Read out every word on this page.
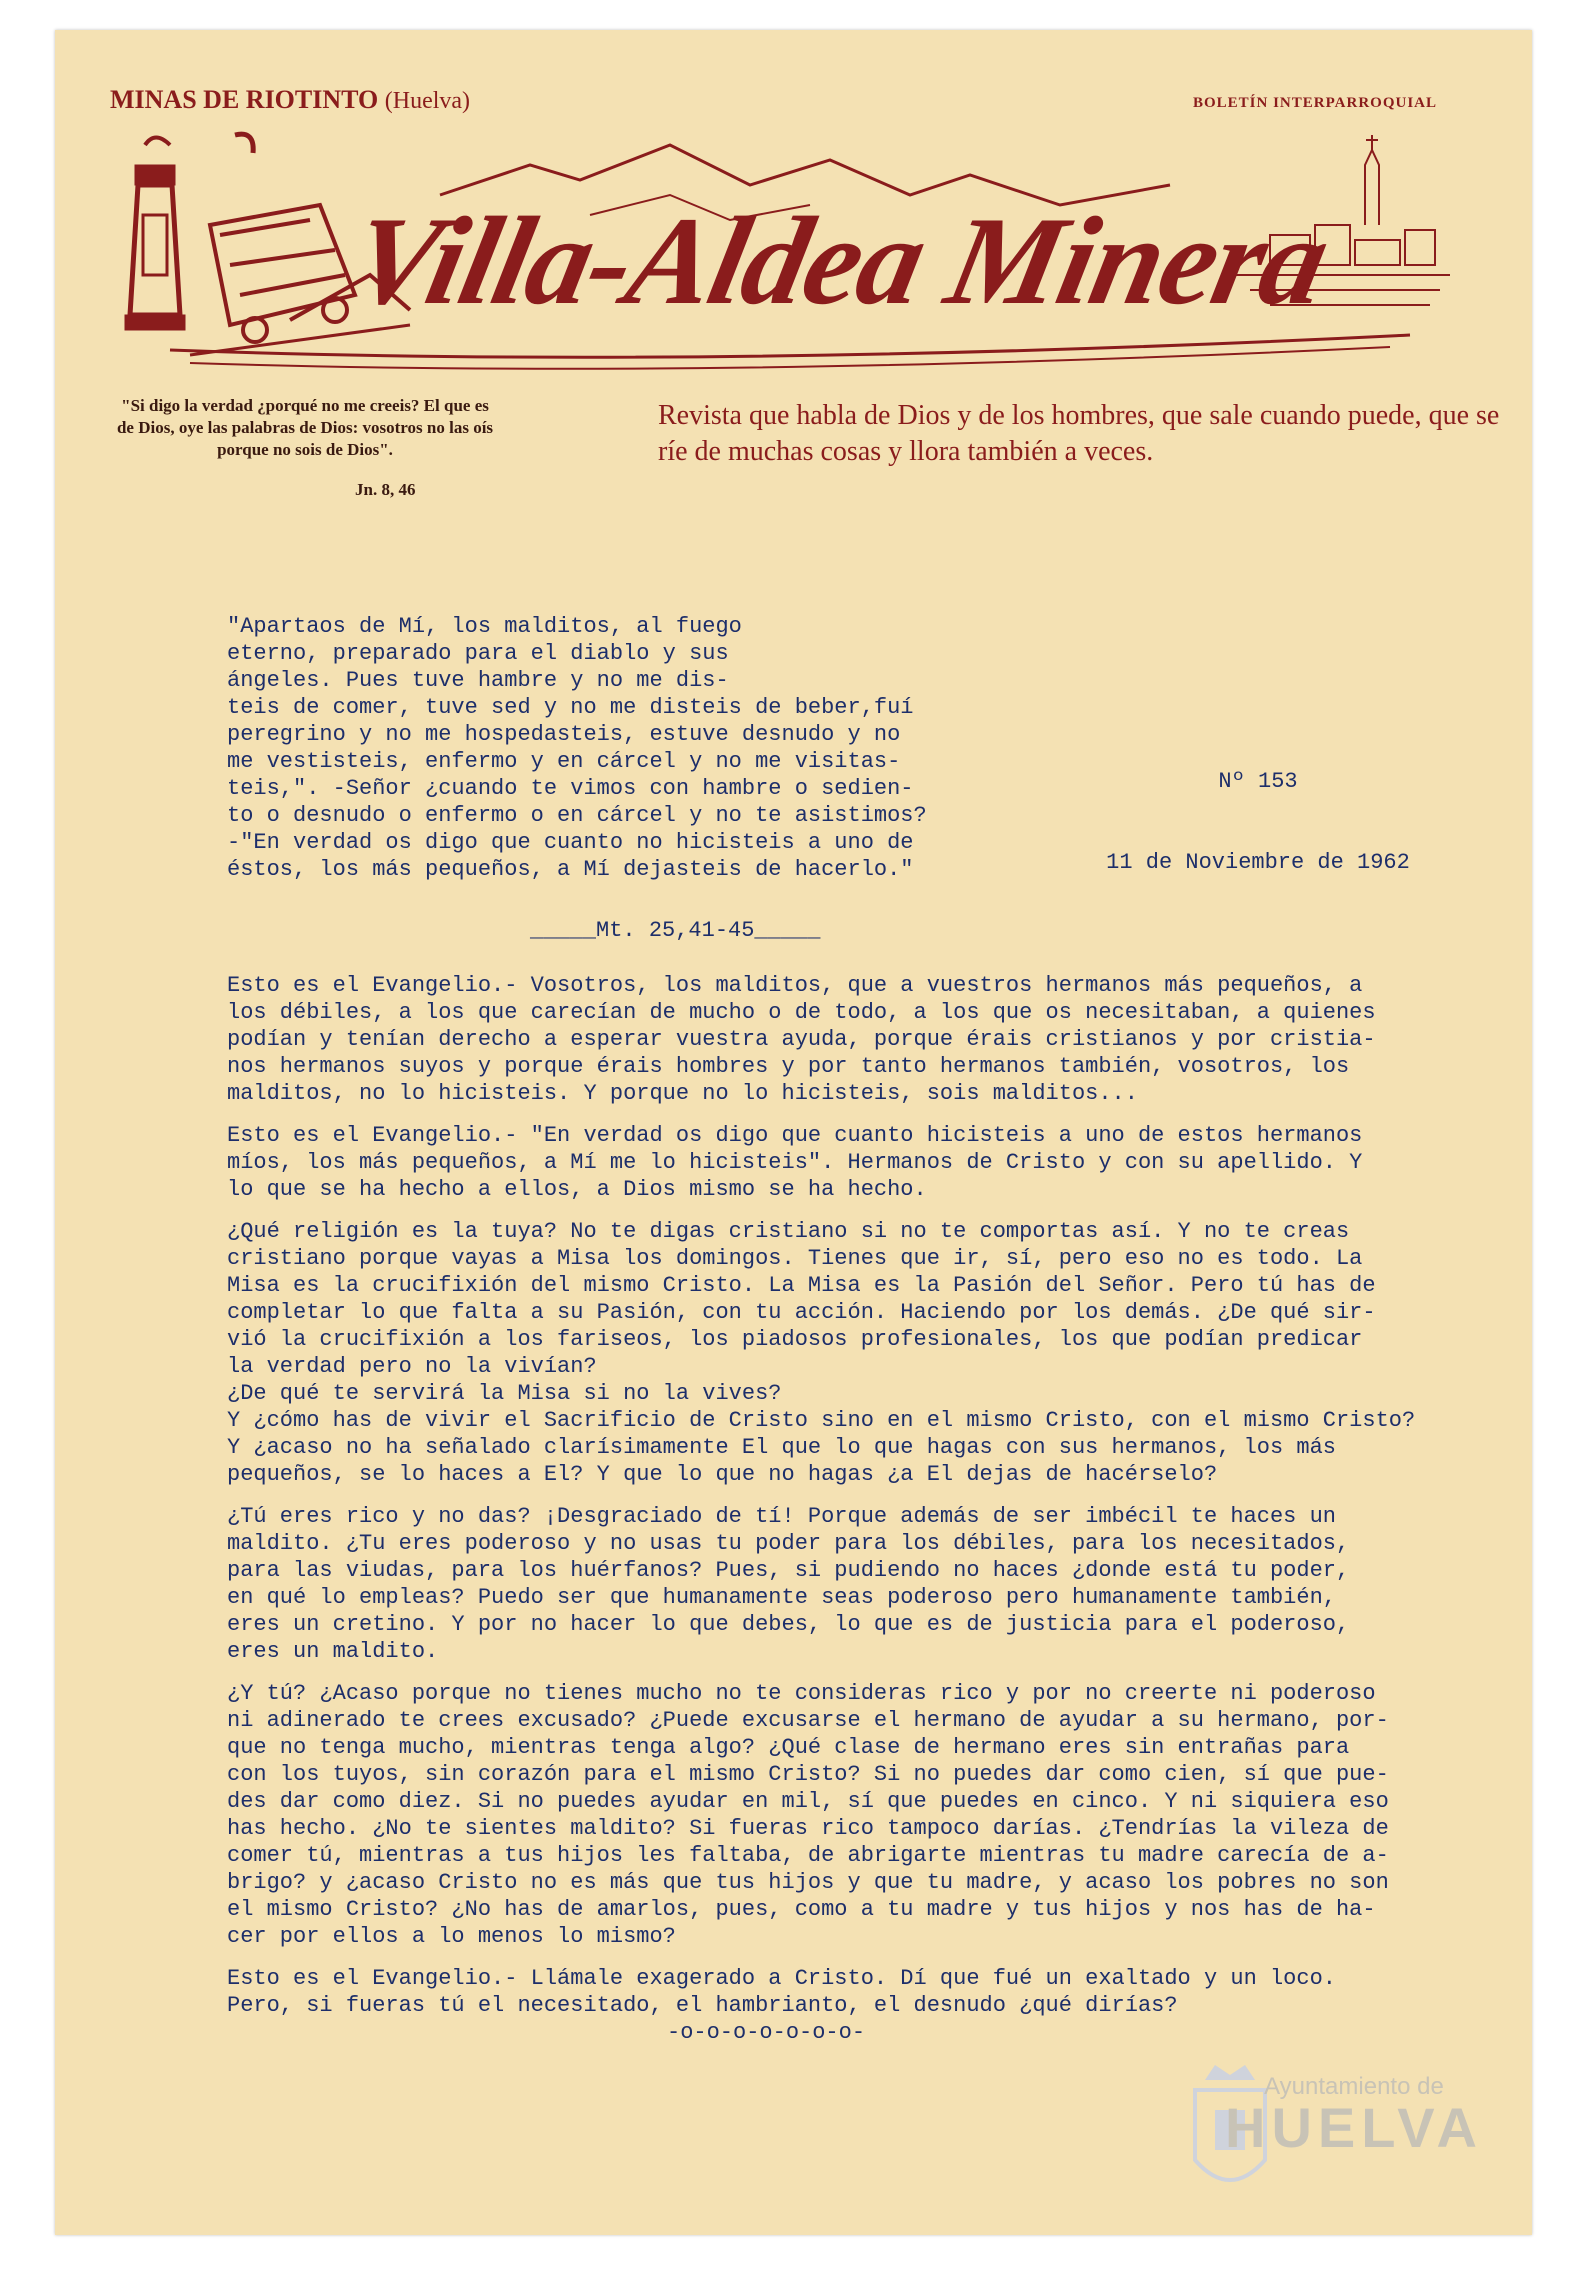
MINAS DE RIOTINTO (Huelva)	BOLETÍN INTERPARROQUIAL
Villa-Aldea Minera
"Si digo la verdad ¿porqué no me creeis? El que es de Dios, oye las palabras de Dios: vosotros no las oís porque no sois de Dios".
Jn. 8, 46
Revista que habla de Dios y de los hombres, que sale cuando puede, que se ríe de muchas cosas y llora también a veces.
"Apartaos de Mí, los malditos, al fuego
eterno, preparado para el diablo y sus
ángeles. Pues tuve hambre y no me dis-
teis de comer, tuve sed y no me disteis de beber,fuí
peregrino y no me hospedasteis, estuve desnudo y no
me vestisteis, enfermo y en cárcel y no me visitas-
teis,". -Señor ¿cuando te vimos con hambre o sedien-
to o desnudo o enfermo o en cárcel y no te asistimos?
-"En verdad os digo que cuanto no hicisteis a uno de
éstos, los más pequeños, a Mí dejasteis de hacerlo."

Nº 153

11 de Noviembre de 1962

_____Mt. 25,41-45_____

Esto es el Evangelio.- Vosotros, los malditos, que a vuestros hermanos más pequeños, a
los débiles, a los que carecían de mucho o de todo, a los que os necesitaban, a quienes
podían y tenían derecho a esperar vuestra ayuda, porque érais cristianos y por cristia-
nos hermanos suyos y porque érais hombres y por tanto hermanos también, vosotros, los
malditos, no lo hicisteis. Y porque no lo hicisteis, sois malditos...

Esto es el Evangelio.- "En verdad os digo que cuanto hicisteis a uno de estos hermanos
míos, los más pequeños, a Mí me lo hicisteis". Hermanos de Cristo y con su apellido. Y
lo que se ha hecho a ellos, a Dios mismo se ha hecho.

¿Qué religión es la tuya? No te digas cristiano si no te comportas así. Y no te creas
cristiano porque vayas a Misa los domingos. Tienes que ir, sí, pero eso no es todo. La
Misa es la crucifixión del mismo Cristo. La Misa es la Pasión del Señor. Pero tú has de
completar lo que falta a su Pasión, con tu acción. Haciendo por los demás. ¿De qué sir-
vió la crucifixión a los fariseos, los piadosos profesionales, los que podían predicar
la verdad pero no la vivían?

¿De qué te servirá la Misa si no la vives?

Y ¿cómo has de vivir el Sacrificio de Cristo sino en el mismo Cristo, con el mismo Cristo?
Y ¿acaso no ha señalado clarísimamente El que lo que hagas con sus hermanos, los más
pequeños, se lo haces a El? Y que lo que no hagas ¿a El dejas de hacérselo?

¿Tú eres rico y no das? ¡Desgraciado de tí! Porque además de ser imbécil te haces un
maldito. ¿Tu eres poderoso y no usas tu poder para los débiles, para los necesitados,
para las viudas, para los huérfanos? Pues, si pudiendo no haces ¿donde está tu poder,
en qué lo empleas? Puedo ser que humanamente seas poderoso pero humanamente también,
eres un cretino. Y por no hacer lo que debes, lo que es de justicia para el poderoso,
eres un maldito.

¿Y tú? ¿Acaso porque no tienes mucho no te consideras rico y por no creerte ni poderoso
ni adinerado te crees excusado? ¿Puede excusarse el hermano de ayudar a su hermano, por-
que no tenga mucho, mientras tenga algo? ¿Qué clase de hermano eres sin entrañas para
con los tuyos, sin corazón para el mismo Cristo? Si no puedes dar como cien, sí que pue-
des dar como diez. Si no puedes ayudar en mil, sí que puedes en cinco. Y ni siquiera eso
has hecho. ¿No te sientes maldito? Si fueras rico tampoco darías. ¿Tendrías la vileza de
comer tú, mientras a tus hijos les faltaba, de abrigarte mientras tu madre carecía de a-
brigo? y ¿acaso Cristo no es más que tus hijos y que tu madre, y acaso los pobres no son
el mismo Cristo? ¿No has de amarlos, pues, como a tu madre y tus hijos y nos has de ha-
cer por ellos a lo menos lo mismo?

Esto es el Evangelio.- Llámale exagerado a Cristo. Dí que fué un exaltado y un loco.
Pero, si fueras tú el necesitado, el hambrianto, el desnudo ¿qué dirías?

-o-o-o-o-o-o-o-
Ayuntamiento de
HUELVA
